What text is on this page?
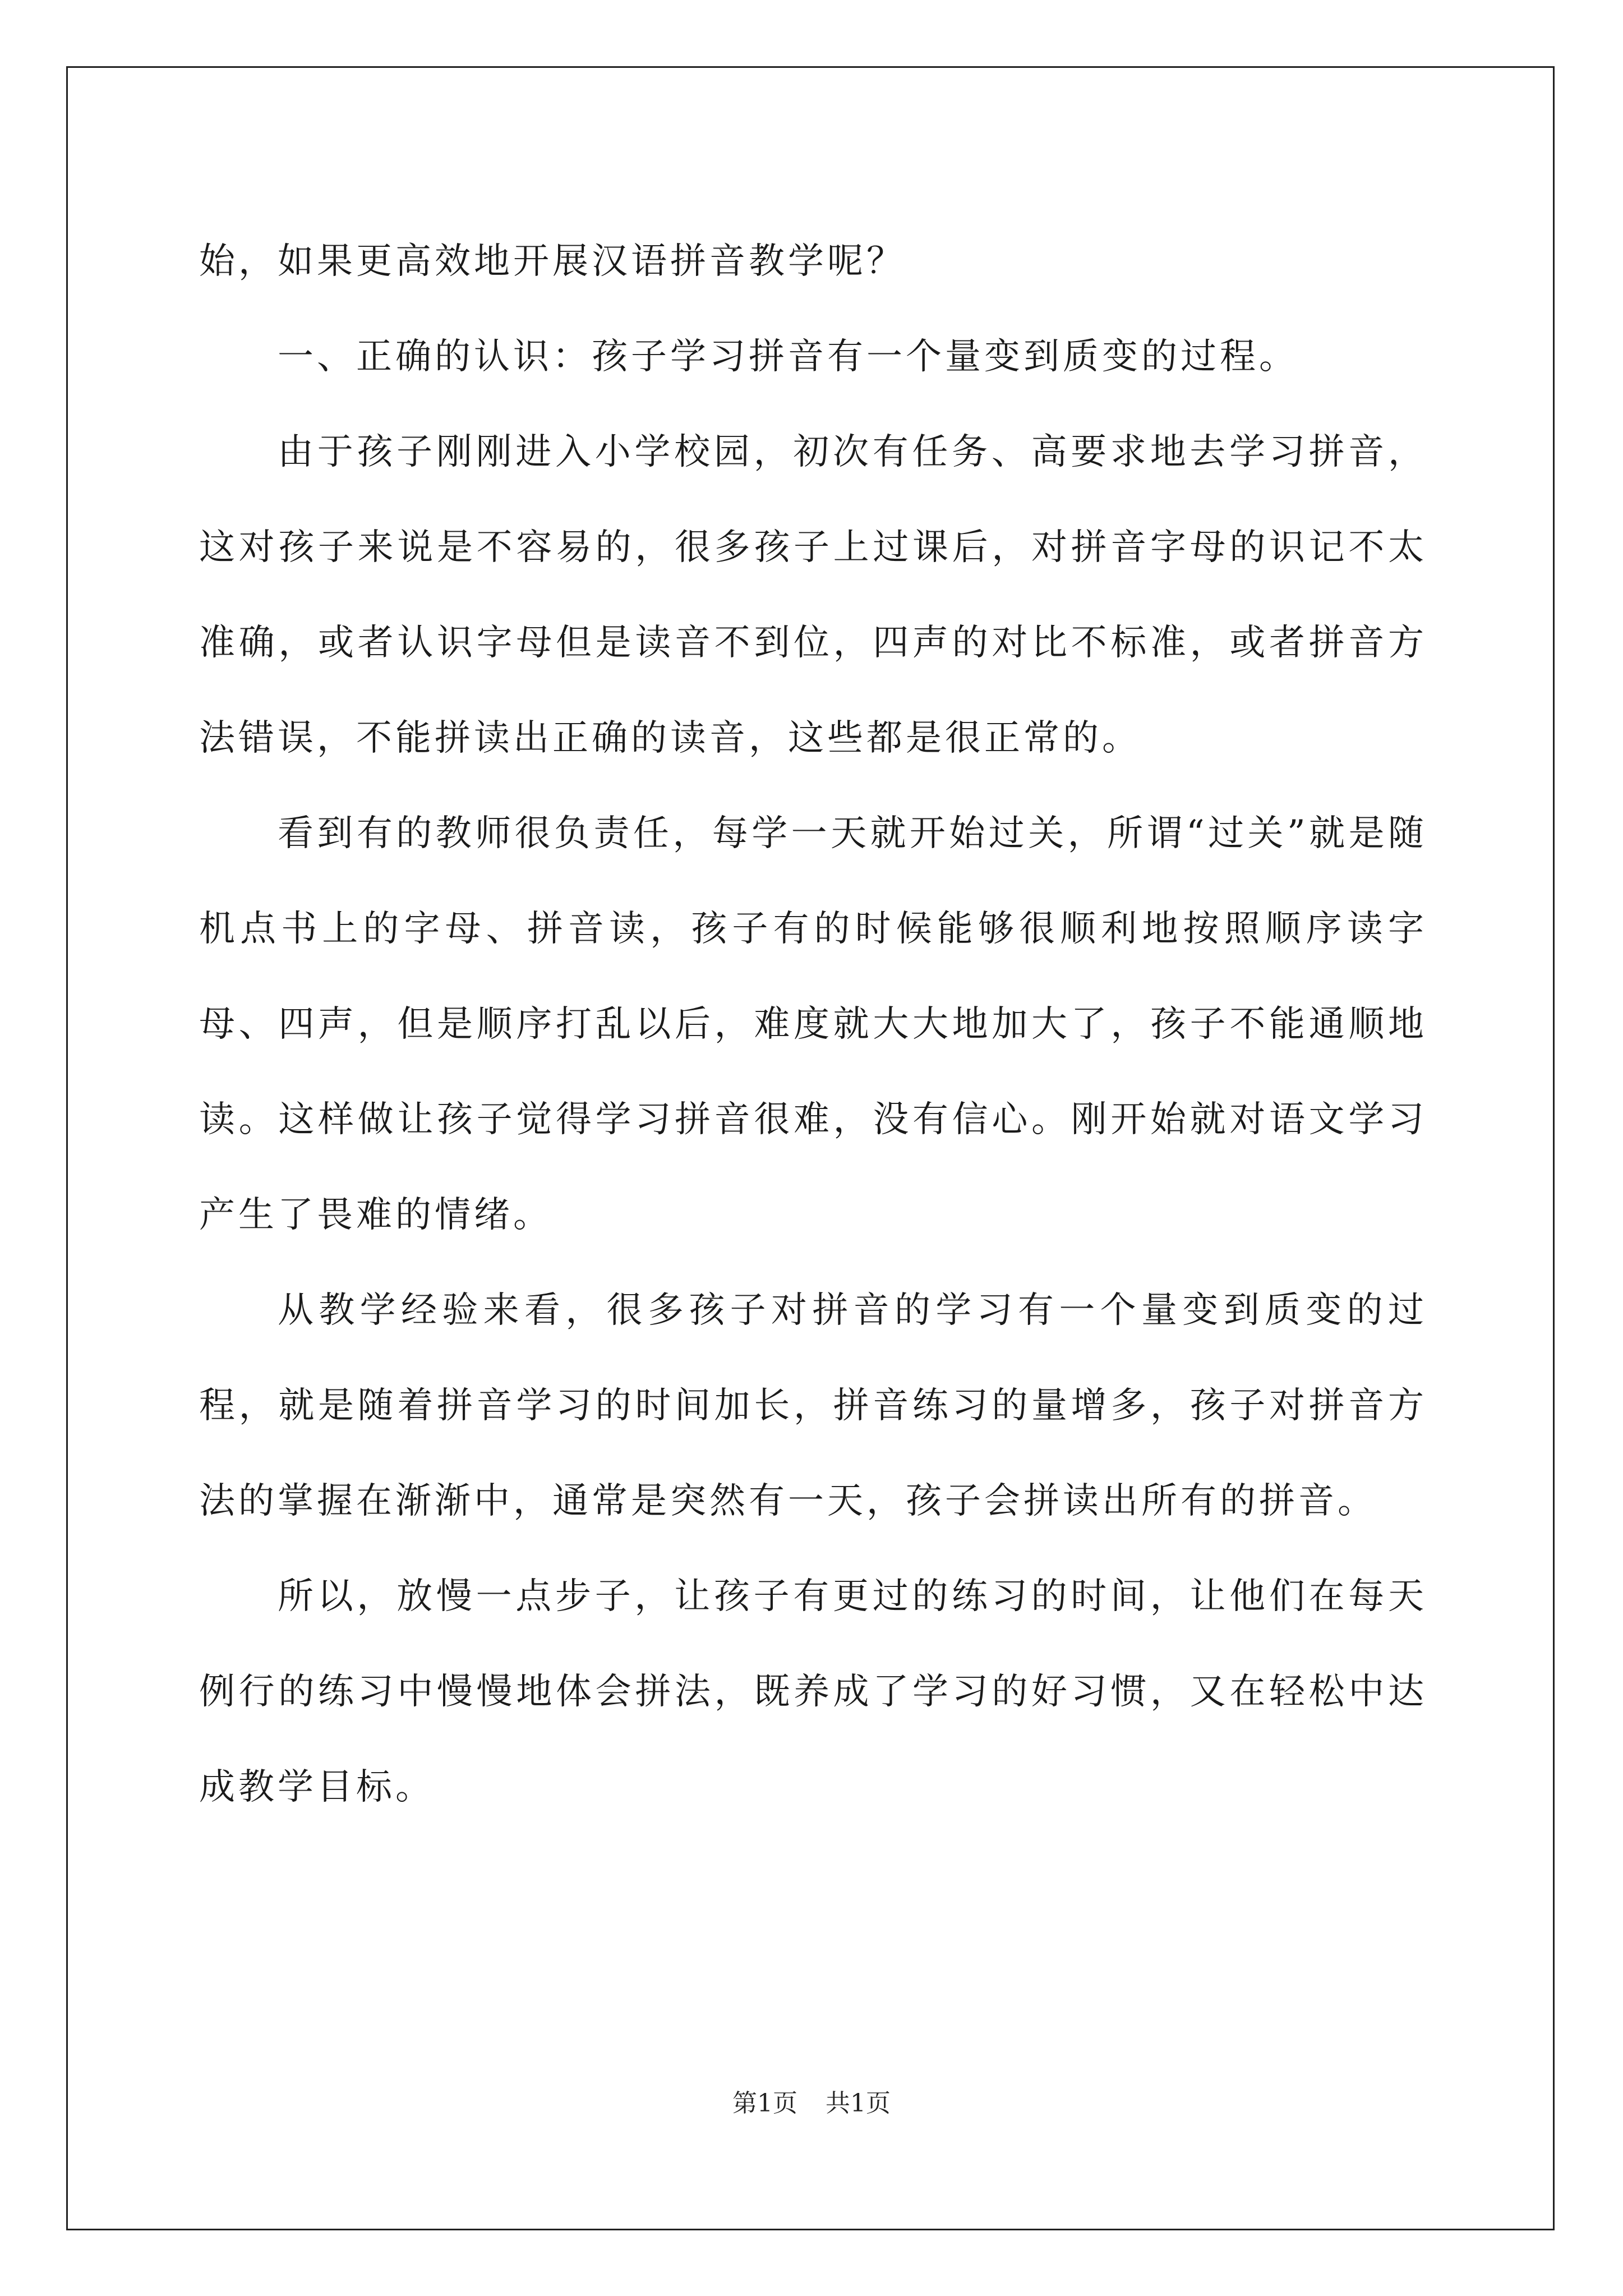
始，如果更高效地开展汉语拼音教学呢？

一、正确的认识：孩子学习拼音有一个量变到质变的过程。

由于孩子刚刚进入小学校园，初次有任务、高要求地去学习拼音，这对孩子来说是不容易的，很多孩子上过课后，对拼音字母的识记不太准确，或者认识字母但是读音不到位，四声的对比不标准，或者拼音方法错误，不能拼读出正确的读音，这些都是很正常的。

看到有的教师很负责任，每学一天就开始过关，所谓“过关”就是随机点书上的字母、拼音读，孩子有的时候能够很顺利地按照顺序读字母、四声，但是顺序打乱以后，难度就大大地加大了，孩子不能通顺地读。这样做让孩子觉得学习拼音很难，没有信心。刚开始就对语文学习产生了畏难的情绪。

从教学经验来看，很多孩子对拼音的学习有一个量变到质变的过程，就是随着拼音学习的时间加长，拼音练习的量增多，孩子对拼音方法的掌握在渐渐中，通常是突然有一天，孩子会拼读出所有的拼音。

所以，放慢一点步子，让孩子有更过的练习的时间，让他们在每天例行的练习中慢慢地体会拼法，既养成了学习的好习惯，又在轻松中达成教学目标。

第1页 共1页
